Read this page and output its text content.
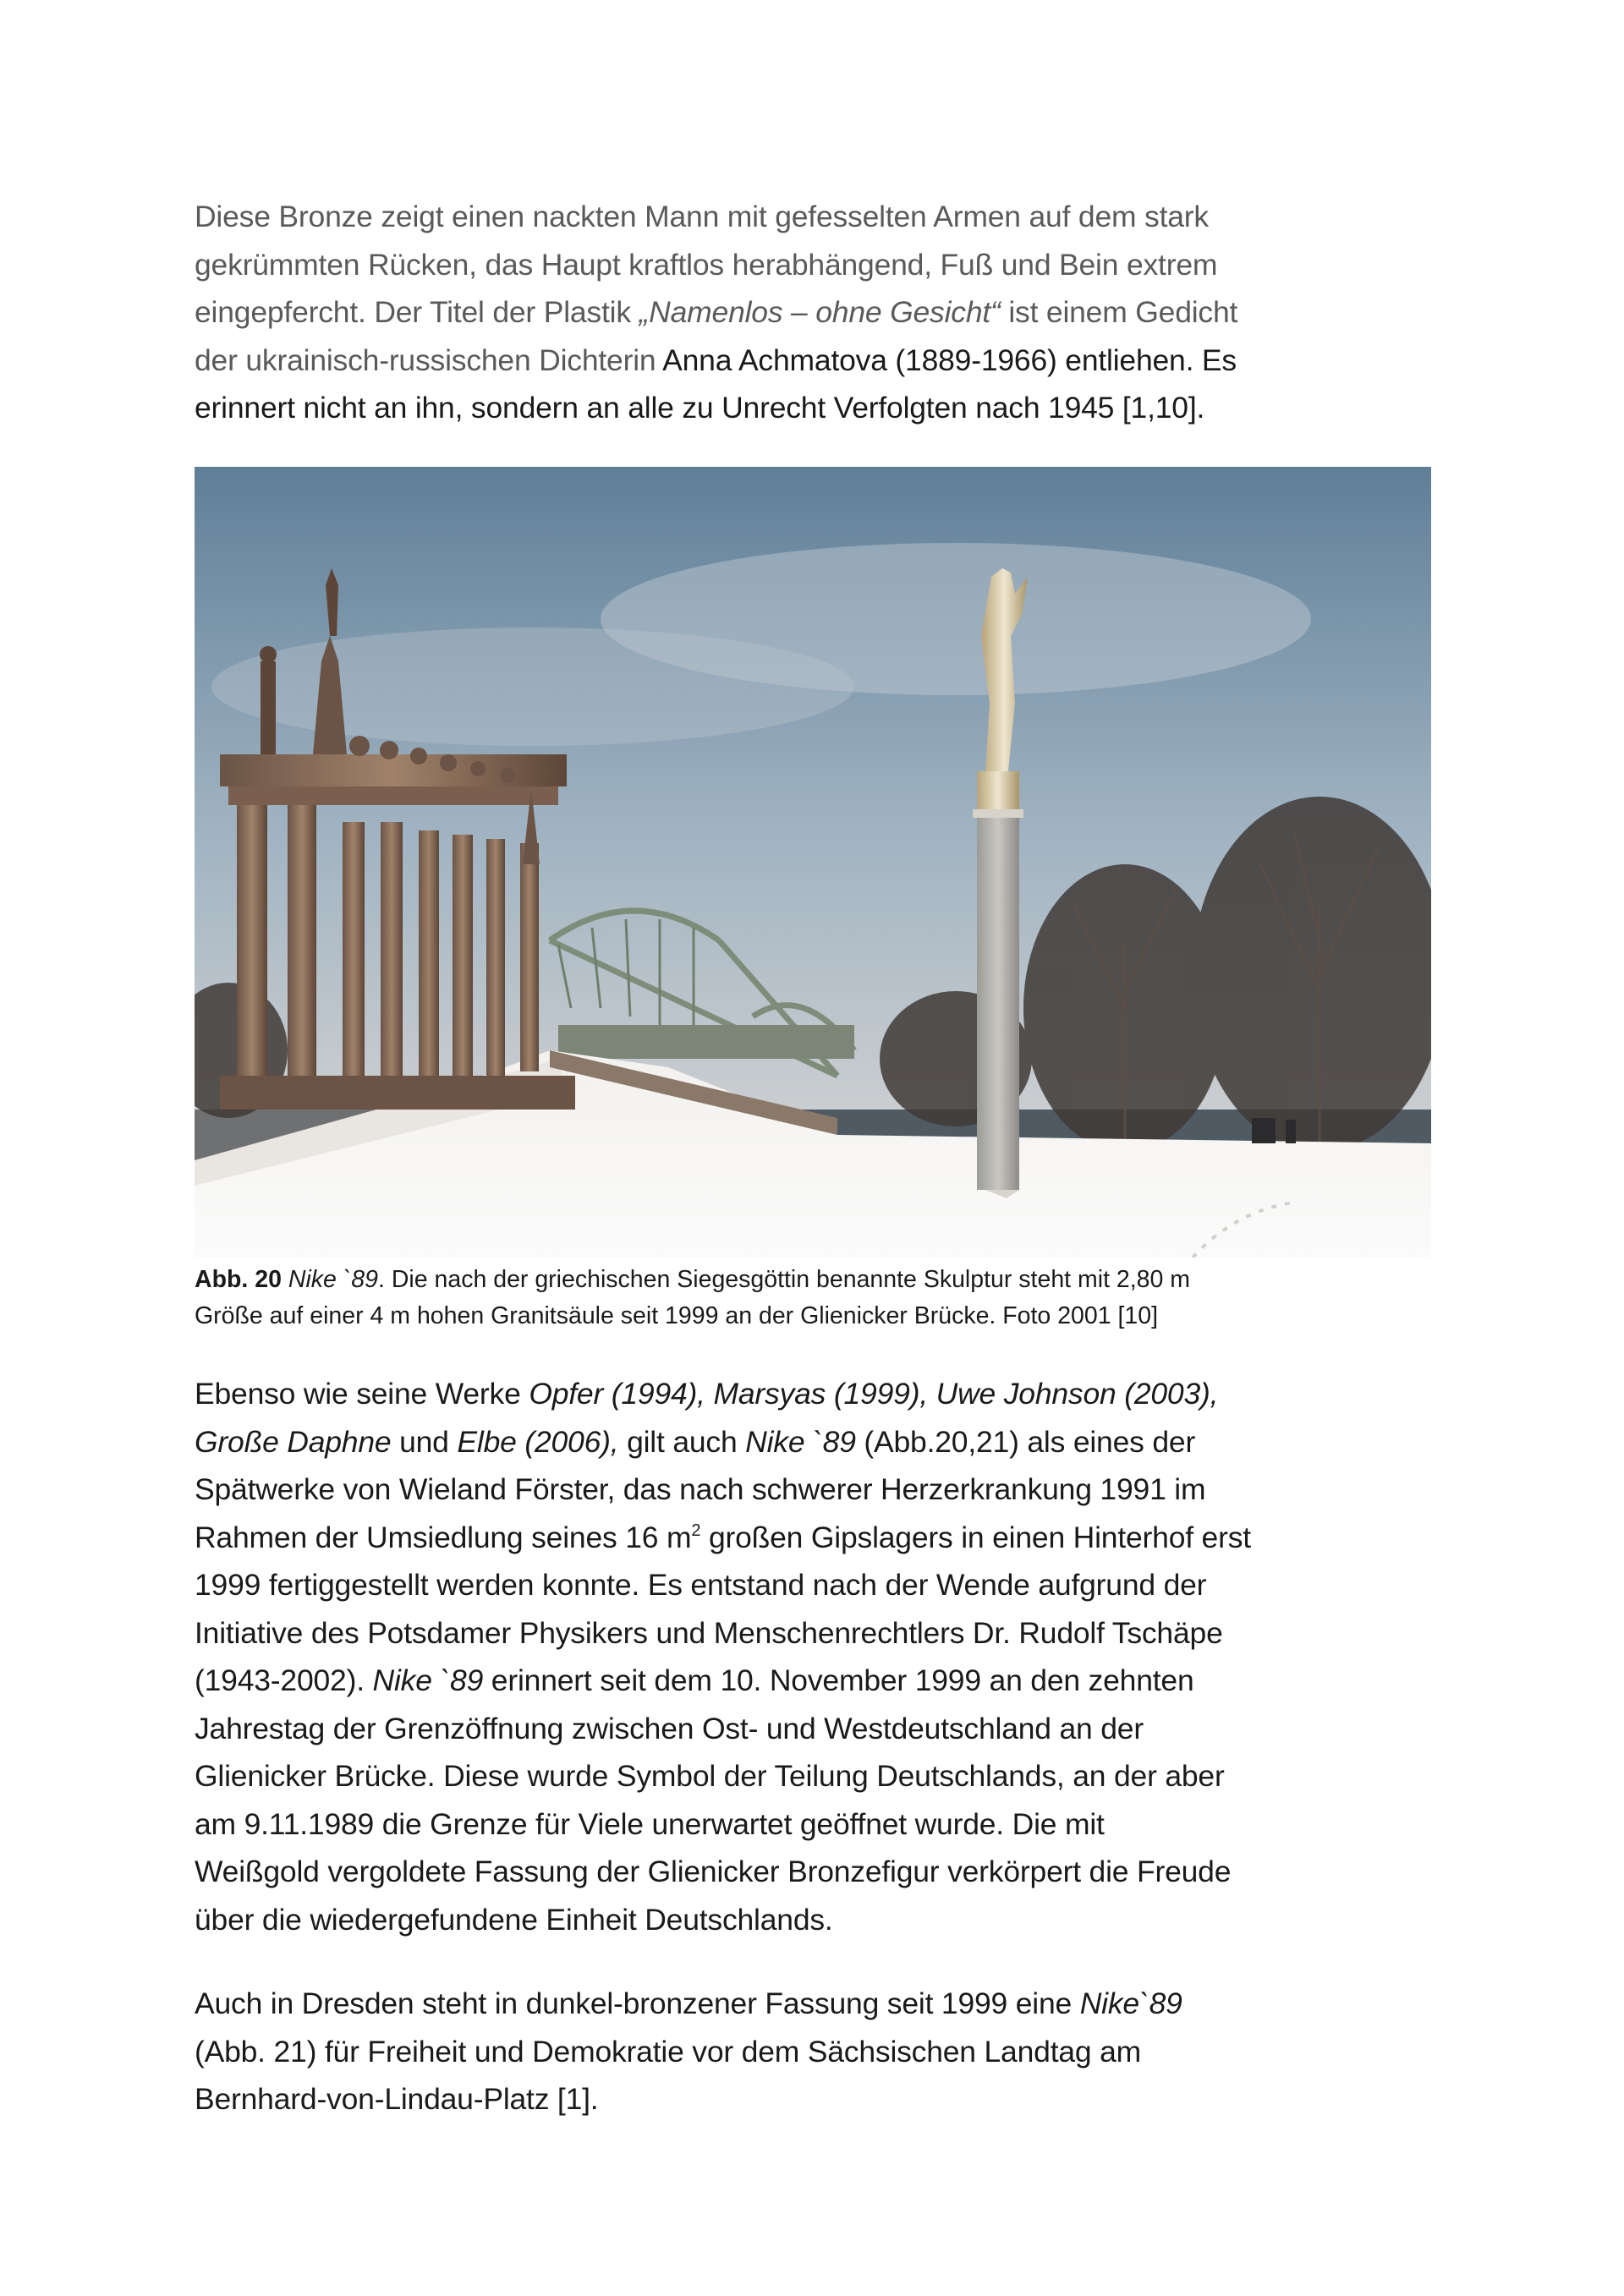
Diese Bronze zeigt einen nackten Mann mit gefesselten Armen auf dem stark
gekrümmten Rücken, das Haupt kraftlos herabhängend, Fuß und Bein extrem
eingepfercht. Der Titel der Plastik „Namenlos – ohne Gesicht“ ist einem Gedicht
der ukrainisch-russischen Dichterin Anna Achmatova (1889-1966) entliehen. Es
erinnert nicht an ihn, sondern an alle zu Unrecht Verfolgten nach 1945 [1,10].
Abb. 20 Nike `89. Die nach der griechischen Siegesgöttin benannte Skulptur steht mit 2,80 m
Größe auf einer 4 m hohen Granitsäule seit 1999 an der Glienicker Brücke. Foto 2001 [10]
Ebenso wie seine Werke Opfer (1994), Marsyas (1999), Uwe Johnson (2003),
Große Daphne und Elbe (2006), gilt auch Nike `89 (Abb.20,21) als eines der
Spätwerke von Wieland Förster, das nach schwerer Herzerkrankung 1991 im
Rahmen der Umsiedlung seines 16 $m^2$ großen Gipslagers in einen Hinterhof erst
1999 fertiggestellt werden konnte. Es entstand nach der Wende aufgrund der
Initiative des Potsdamer Physikers und Menschenrechtlers Dr. Rudolf Tschäpe
(1943-2002). Nike `89 erinnert seit dem 10. November 1999 an den zehnten
Jahrestag der Grenzöffnung zwischen Ost- und Westdeutschland an der
Glienicker Brücke. Diese wurde Symbol der Teilung Deutschlands, an der aber
am 9.11.1989 die Grenze für Viele unerwartet geöffnet wurde. Die mit
Weißgold vergoldete Fassung der Glienicker Bronzefigur verkörpert die Freude
über die wiedergefundene Einheit Deutschlands.
Auch in Dresden steht in dunkel-bronzener Fassung seit 1999 eine Nike`89
(Abb. 21) für Freiheit und Demokratie vor dem Sächsischen Landtag am
Bernhard-von-Lindau-Platz [1].
